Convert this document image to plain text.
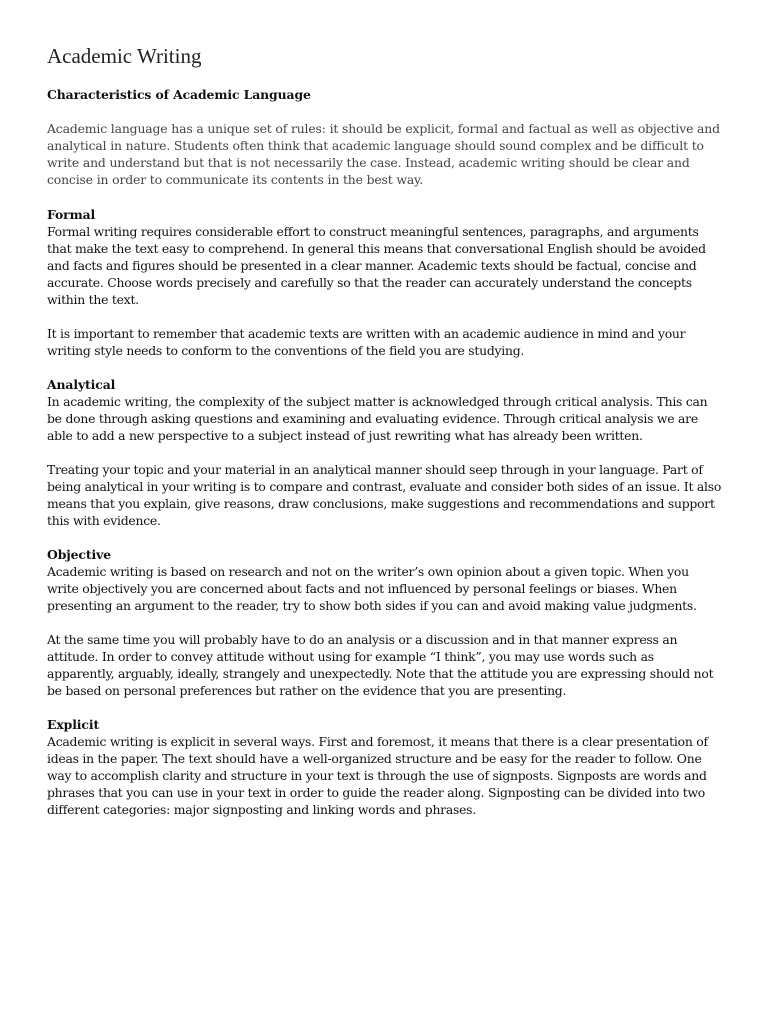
Academic Writing
Characteristics of Academic Language

Academic language has a unique set of rules: it should be explicit, formal and factual as well as objective and analytical in nature. Students often think that academic language should sound complex and be difficult to write and understand but that is not necessarily the case. Instead, academic writing should be clear and concise in order to communicate its contents in the best way.

Formal

Formal writing requires considerable effort to construct meaningful sentences, paragraphs, and arguments that make the text easy to comprehend. In general this means that conversational English should be avoided and facts and figures should be presented in a clear manner. Academic texts should be factual, concise and accurate. Choose words precisely and carefully so that the reader can accurately understand the concepts within the text.

It is important to remember that academic texts are written with an academic audience in mind and your writing style needs to conform to the conventions of the field you are studying.

Analytical

In academic writing, the complexity of the subject matter is acknowledged through critical analysis. This can be done through asking questions and examining and evaluating evidence. Through critical analysis we are able to add a new perspective to a subject instead of just rewriting what has already been written.

Treating your topic and your material in an analytical manner should seep through in your language. Part of being analytical in your writing is to compare and contrast, evaluate and consider both sides of an issue. It also means that you explain, give reasons, draw conclusions, make suggestions and recommendations and support this with evidence.

Objective

Academic writing is based on research and not on the writer’s own opinion about a given topic. When you write objectively you are concerned about facts and not influenced by personal feelings or biases. When presenting an argument to the reader, try to show both sides if you can and avoid making value judgments.

At the same time you will probably have to do an analysis or a discussion and in that manner express an attitude. In order to convey attitude without using for example “I think”, you may use words such as apparently, arguably, ideally, strangely and unexpectedly. Note that the attitude you are expressing should not be based on personal preferences but rather on the evidence that you are presenting.

Explicit

Academic writing is explicit in several ways. First and foremost, it means that there is a clear presentation of ideas in the paper. The text should have a well-organized structure and be easy for the reader to follow. One way to accomplish clarity and structure in your text is through the use of signposts. Signposts are words and phrases that you can use in your text in order to guide the reader along. Signposting can be divided into two different categories: major signposting and linking words and phrases.
